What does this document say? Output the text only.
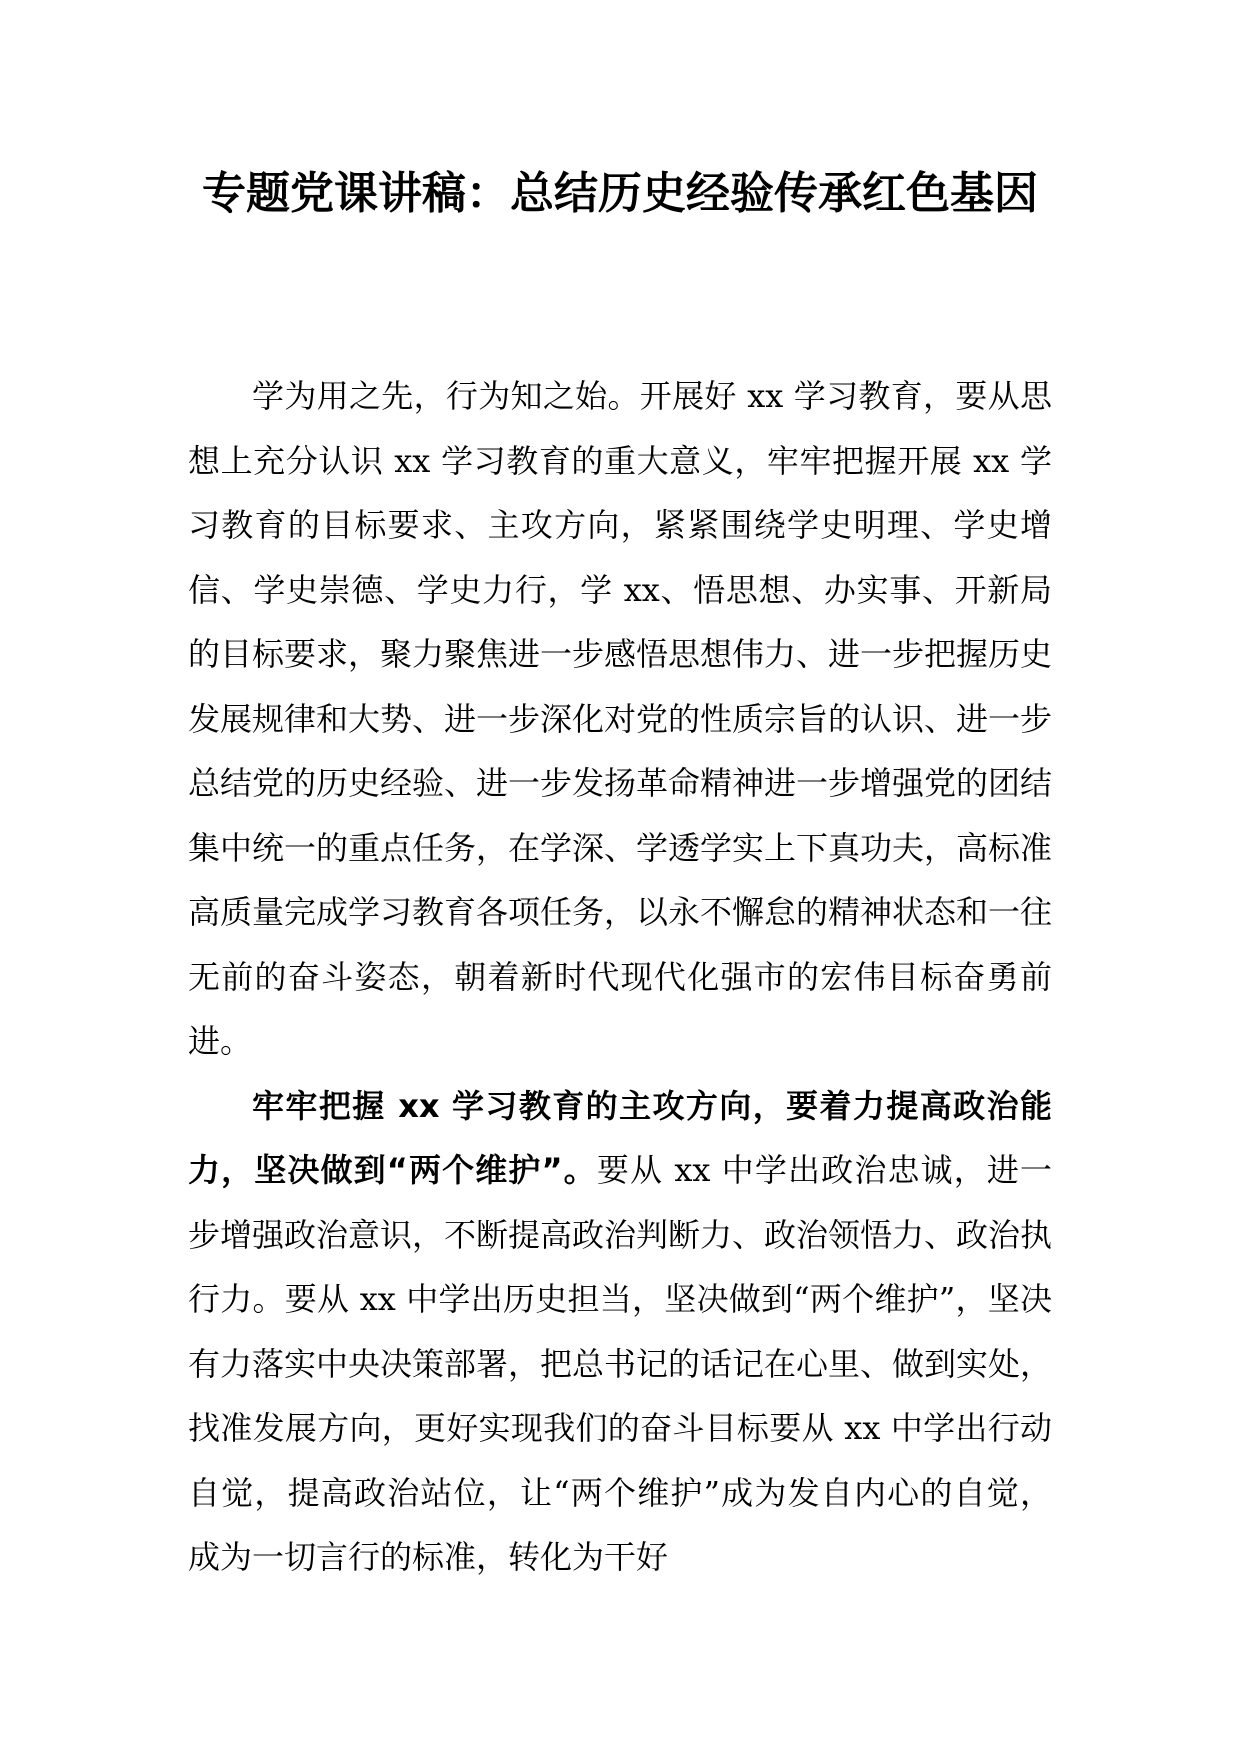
专题党课讲稿：总结历史经验传承红色基因

学为用之先，行为知之始。开展好 xx 学习教育，要从思想上充分认识 xx 学习教育的重大意义，牢牢把握开展 xx 学习教育的目标要求、主攻方向，紧紧围绕学史明理、学史增信、学史崇德、学史力行，学 xx、悟思想、办实事、开新局的目标要求，聚力聚焦进一步感悟思想伟力、进一步把握历史发展规律和大势、进一步深化对党的性质宗旨的认识、进一步总结党的历史经验、进一步发扬革命精神进一步增强党的团结集中统一的重点任务，在学深、学透学实上下真功夫，高标准高质量完成学习教育各项任务，以永不懈怠的精神状态和一往无前的奋斗姿态，朝着新时代现代化强市的宏伟目标奋勇前进。

牢牢把握 xx 学习教育的主攻方向，要着力提高政治能力，坚决做到“两个维护”。要从 xx 中学出政治忠诚，进一步增强政治意识，不断提高政治判断力、政治领悟力、政治执行力。要从 xx 中学出历史担当，坚决做到“两个维护”，坚决有力落实中央决策部署，把总书记的话记在心里、做到实处，找准发展方向，更好实现我们的奋斗目标要从 xx 中学出行动自觉，提高政治站位，让“两个维护”成为发自内心的自觉，成为一切言行的标准，转化为干好
